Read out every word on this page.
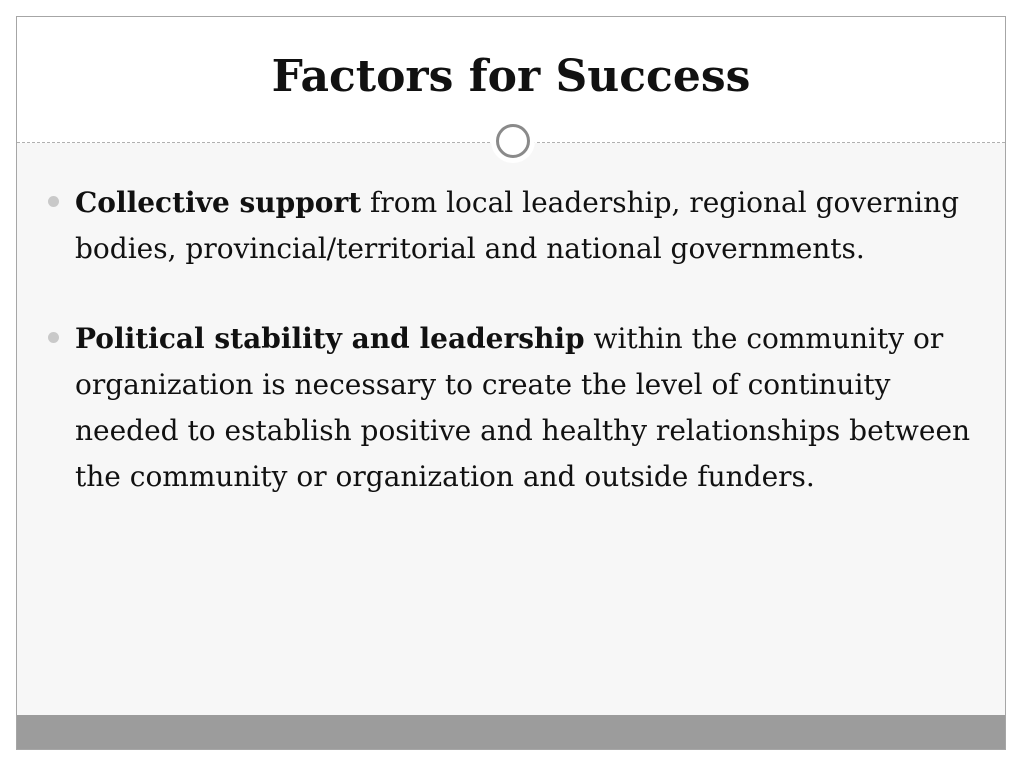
Factors for Success
Collective support from local leadership, regional governing bodies, provincial/territorial and national governments.
Political stability and leadership within the community or organization is necessary to create the level of continuity needed to establish positive and healthy relationships between the community or organization and outside funders.
